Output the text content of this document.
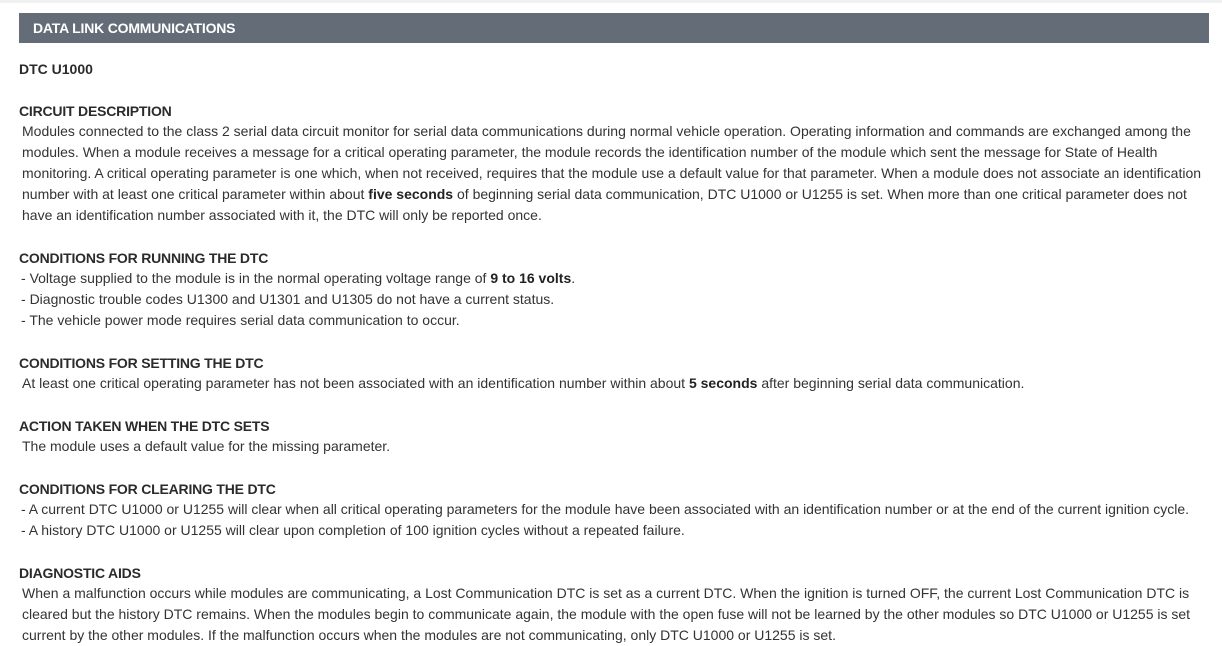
DATA LINK COMMUNICATIONS

DTC U1000

CIRCUIT DESCRIPTION

Modules connected to the class 2 serial data circuit monitor for serial data communications during normal vehicle operation. Operating information and commands are exchanged among the modules. When a module receives a message for a critical operating parameter, the module records the identification number of the module which sent the message for State of Health monitoring. A critical operating parameter is one which, when not received, requires that the module use a default value for that parameter. When a module does not associate an identification number with at least one critical parameter within about five seconds of beginning serial data communication, DTC U1000 or U1255 is set. When more than one critical parameter does not have an identification number associated with it, the DTC will only be reported once.

CONDITIONS FOR RUNNING THE DTC

- Voltage supplied to the module is in the normal operating voltage range of 9 to 16 volts.
- Diagnostic trouble codes U1300 and U1301 and U1305 do not have a current status.
- The vehicle power mode requires serial data communication to occur.

CONDITIONS FOR SETTING THE DTC

At least one critical operating parameter has not been associated with an identification number within about 5 seconds after beginning serial data communication.

ACTION TAKEN WHEN THE DTC SETS

The module uses a default value for the missing parameter.

CONDITIONS FOR CLEARING THE DTC

- A current DTC U1000 or U1255 will clear when all critical operating parameters for the module have been associated with an identification number or at the end of the current ignition cycle.
- A history DTC U1000 or U1255 will clear upon completion of 100 ignition cycles without a repeated failure.

DIAGNOSTIC AIDS

When a malfunction occurs while modules are communicating, a Lost Communication DTC is set as a current DTC. When the ignition is turned OFF, the current Lost Communication DTC is cleared but the history DTC remains. When the modules begin to communicate again, the module with the open fuse will not be learned by the other modules so DTC U1000 or U1255 is set current by the other modules. If the malfunction occurs when the modules are not communicating, only DTC U1000 or U1255 is set.
